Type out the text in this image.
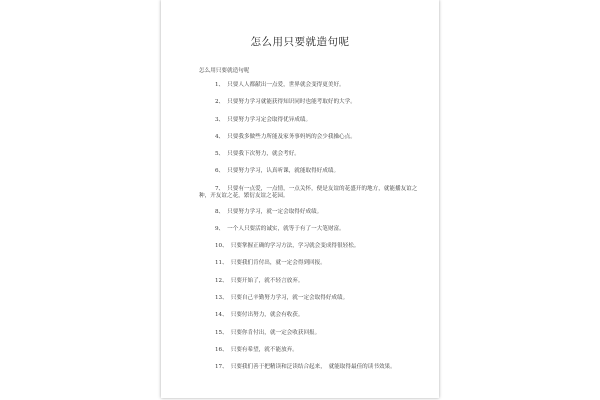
怎么用只要就造句呢
怎么用只要就造句呢
1、 只要人人都献出一点爱，世界就会变得更美好。
2、 只要努力学习就能获得知识同时也能考取好的大学。
3、 只要努力学习定会取得优异成绩。
4、 只要我多做些力所能及家务事妈妈的会少我操心点。
5、 只要我下次努力，就会考好。
6、 只要努力学习，认真听课，就能取得好成绩。
7、 只要有一点爱，一点情，一点关怀，便是友谊的花盛开的地方，就能播友谊之种，开友谊之花，繁衍友谊之花园。
8、 只要努力学习，就一定会取得好成绩。
9、 一个人只要活的诚实，就等于有了一大笔财富。
10、 只要掌握正确的学习方法，学习就会变成得很轻松。
11、 只要我们肯付出，就一定会得到回报。
12、 只要开始了，就不轻言放弃。
13、 只要自己辛勤努力学习，就一定会取得好成绩。
14、 只要付出努力，就会有收获。
15、 只要你肯付出，就一定会收获回报。
16、 只要有希望，就不能放弃。
17、 只要我们善于把精读和泛读结合起来，　就能取得最佳的读书效果。
